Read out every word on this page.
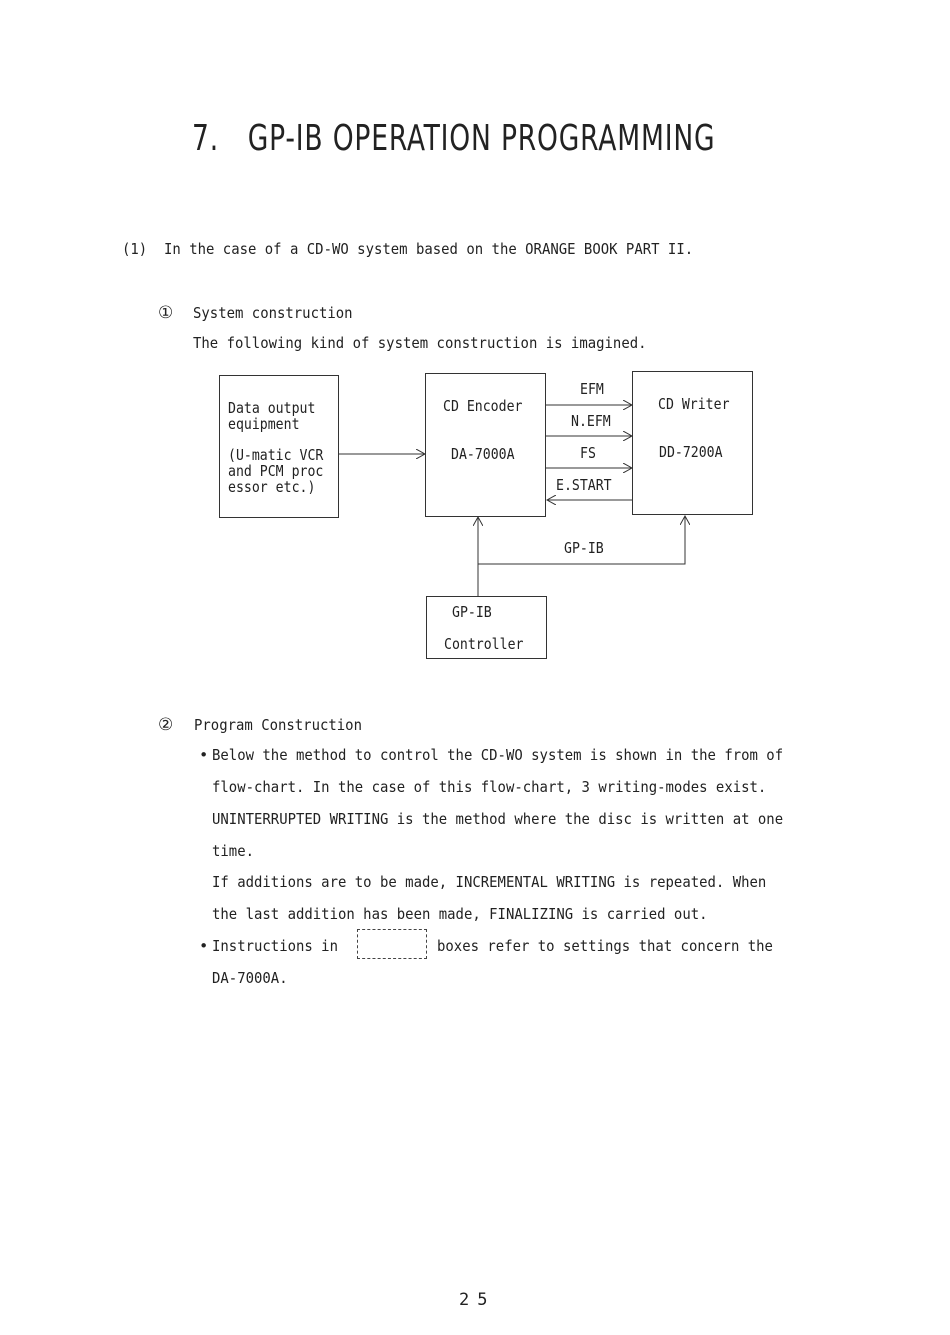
7. GP-IB OPERATION PROGRAMMING
(1) In the case of a CD-WO system based on the ORANGE BOOK PART II.
① System construction
The following kind of system construction is imagined.
Data output
equipment
(U-matic VCR
and PCM proc
essor etc.)
CD Encoder
DA-7000A
CD Writer
DD-7200A
EFM
N.EFM
FS
E.START
GP-IB
GP-IB
Controller
② Program Construction
• Below the method to control the CD-WO system is shown in the from of
flow-chart. In the case of this flow-chart, 3 writing-modes exist.
UNINTERRUPTED WRITING is the method where the disc is written at one
time.
If additions are to be made, INCREMENTAL WRITING is repeated. When
the last addition has been made, FINALIZING is carried out.
• Instructions in	boxes refer to settings that concern the
DA-7000A.
25
